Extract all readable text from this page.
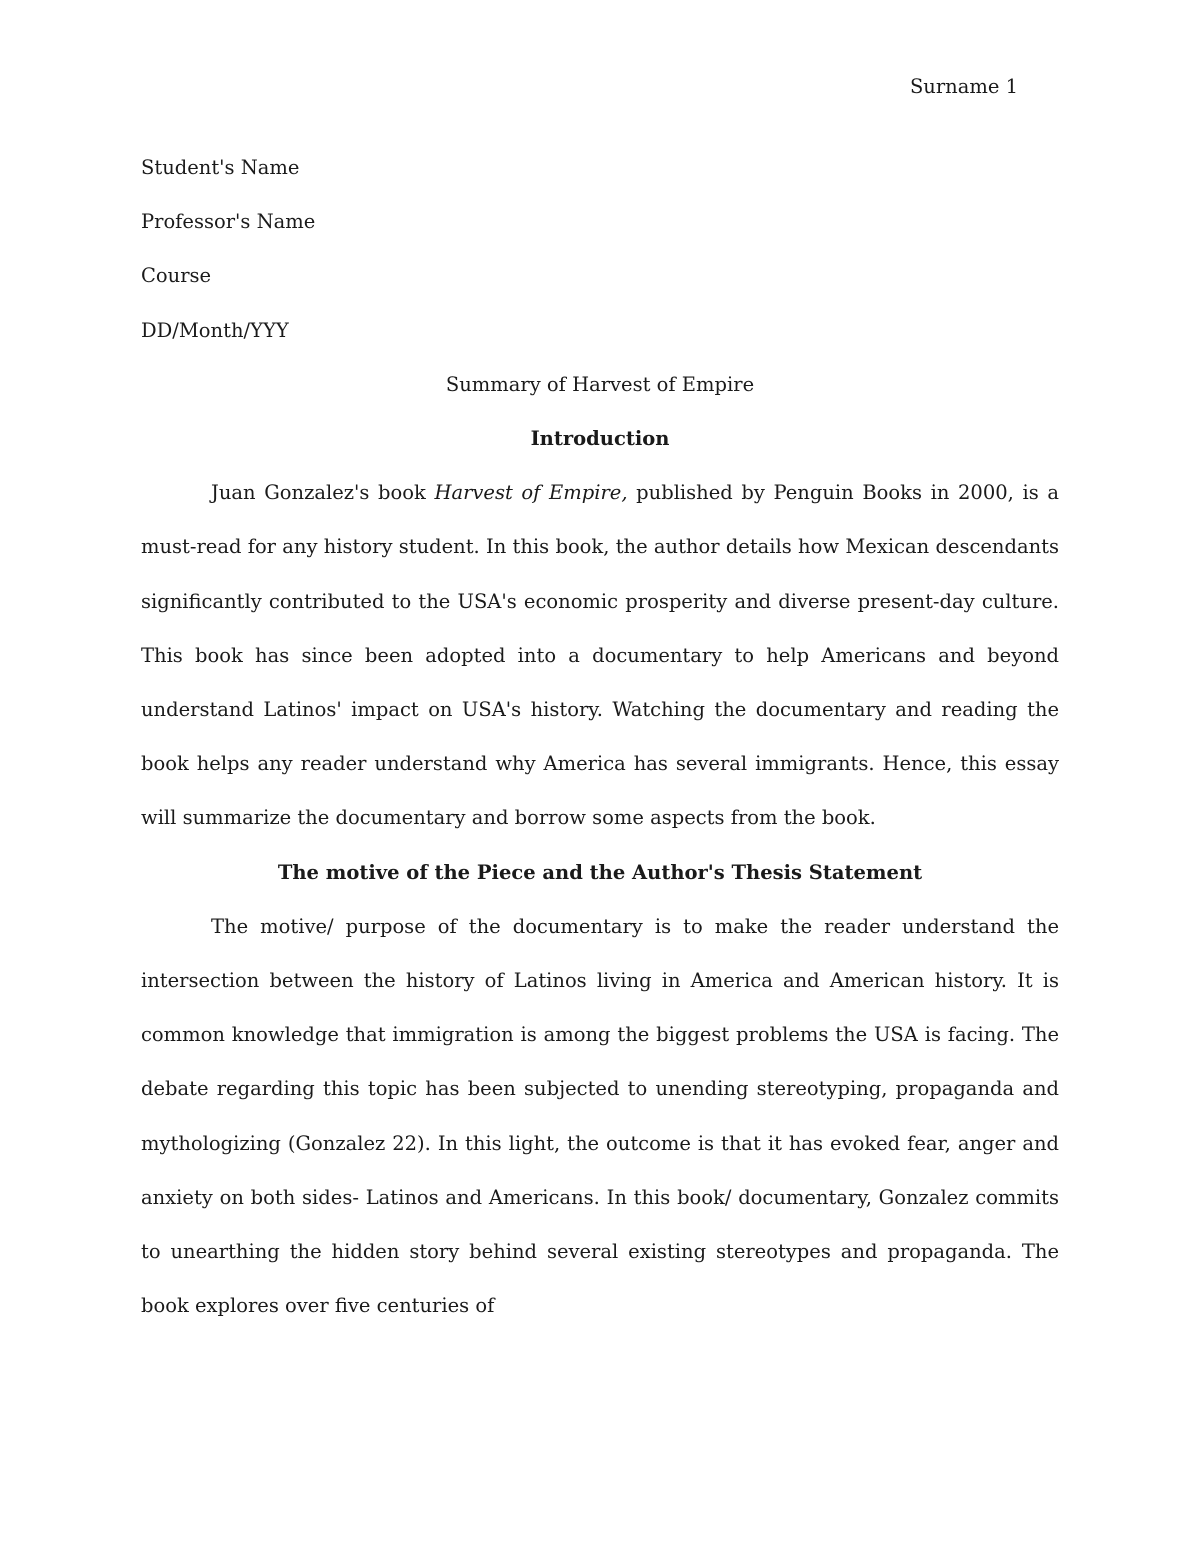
Surname 1

Student's Name

Professor's Name

Course

DD/Month/YYY

Summary of Harvest of Empire

Introduction

Juan Gonzalez's book Harvest of Empire, published by Penguin Books in 2000, is a must-read for any history student. In this book, the author details how Mexican descendants significantly contributed to the USA's economic prosperity and diverse present-day culture. This book has since been adopted into a documentary to help Americans and beyond understand Latinos' impact on USA's history. Watching the documentary and reading the book helps any reader understand why America has several immigrants. Hence, this essay will summarize the documentary and borrow some aspects from the book.

The motive of the Piece and the Author's Thesis Statement

The motive/ purpose of the documentary is to make the reader understand the intersection between the history of Latinos living in America and American history. It is common knowledge that immigration is among the biggest problems the USA is facing. The debate regarding this topic has been subjected to unending stereotyping, propaganda and mythologizing (Gonzalez 22). In this light, the outcome is that it has evoked fear, anger and anxiety on both sides- Latinos and Americans. In this book/ documentary, Gonzalez commits to unearthing the hidden story behind several existing stereotypes and propaganda. The book explores over five centuries of
